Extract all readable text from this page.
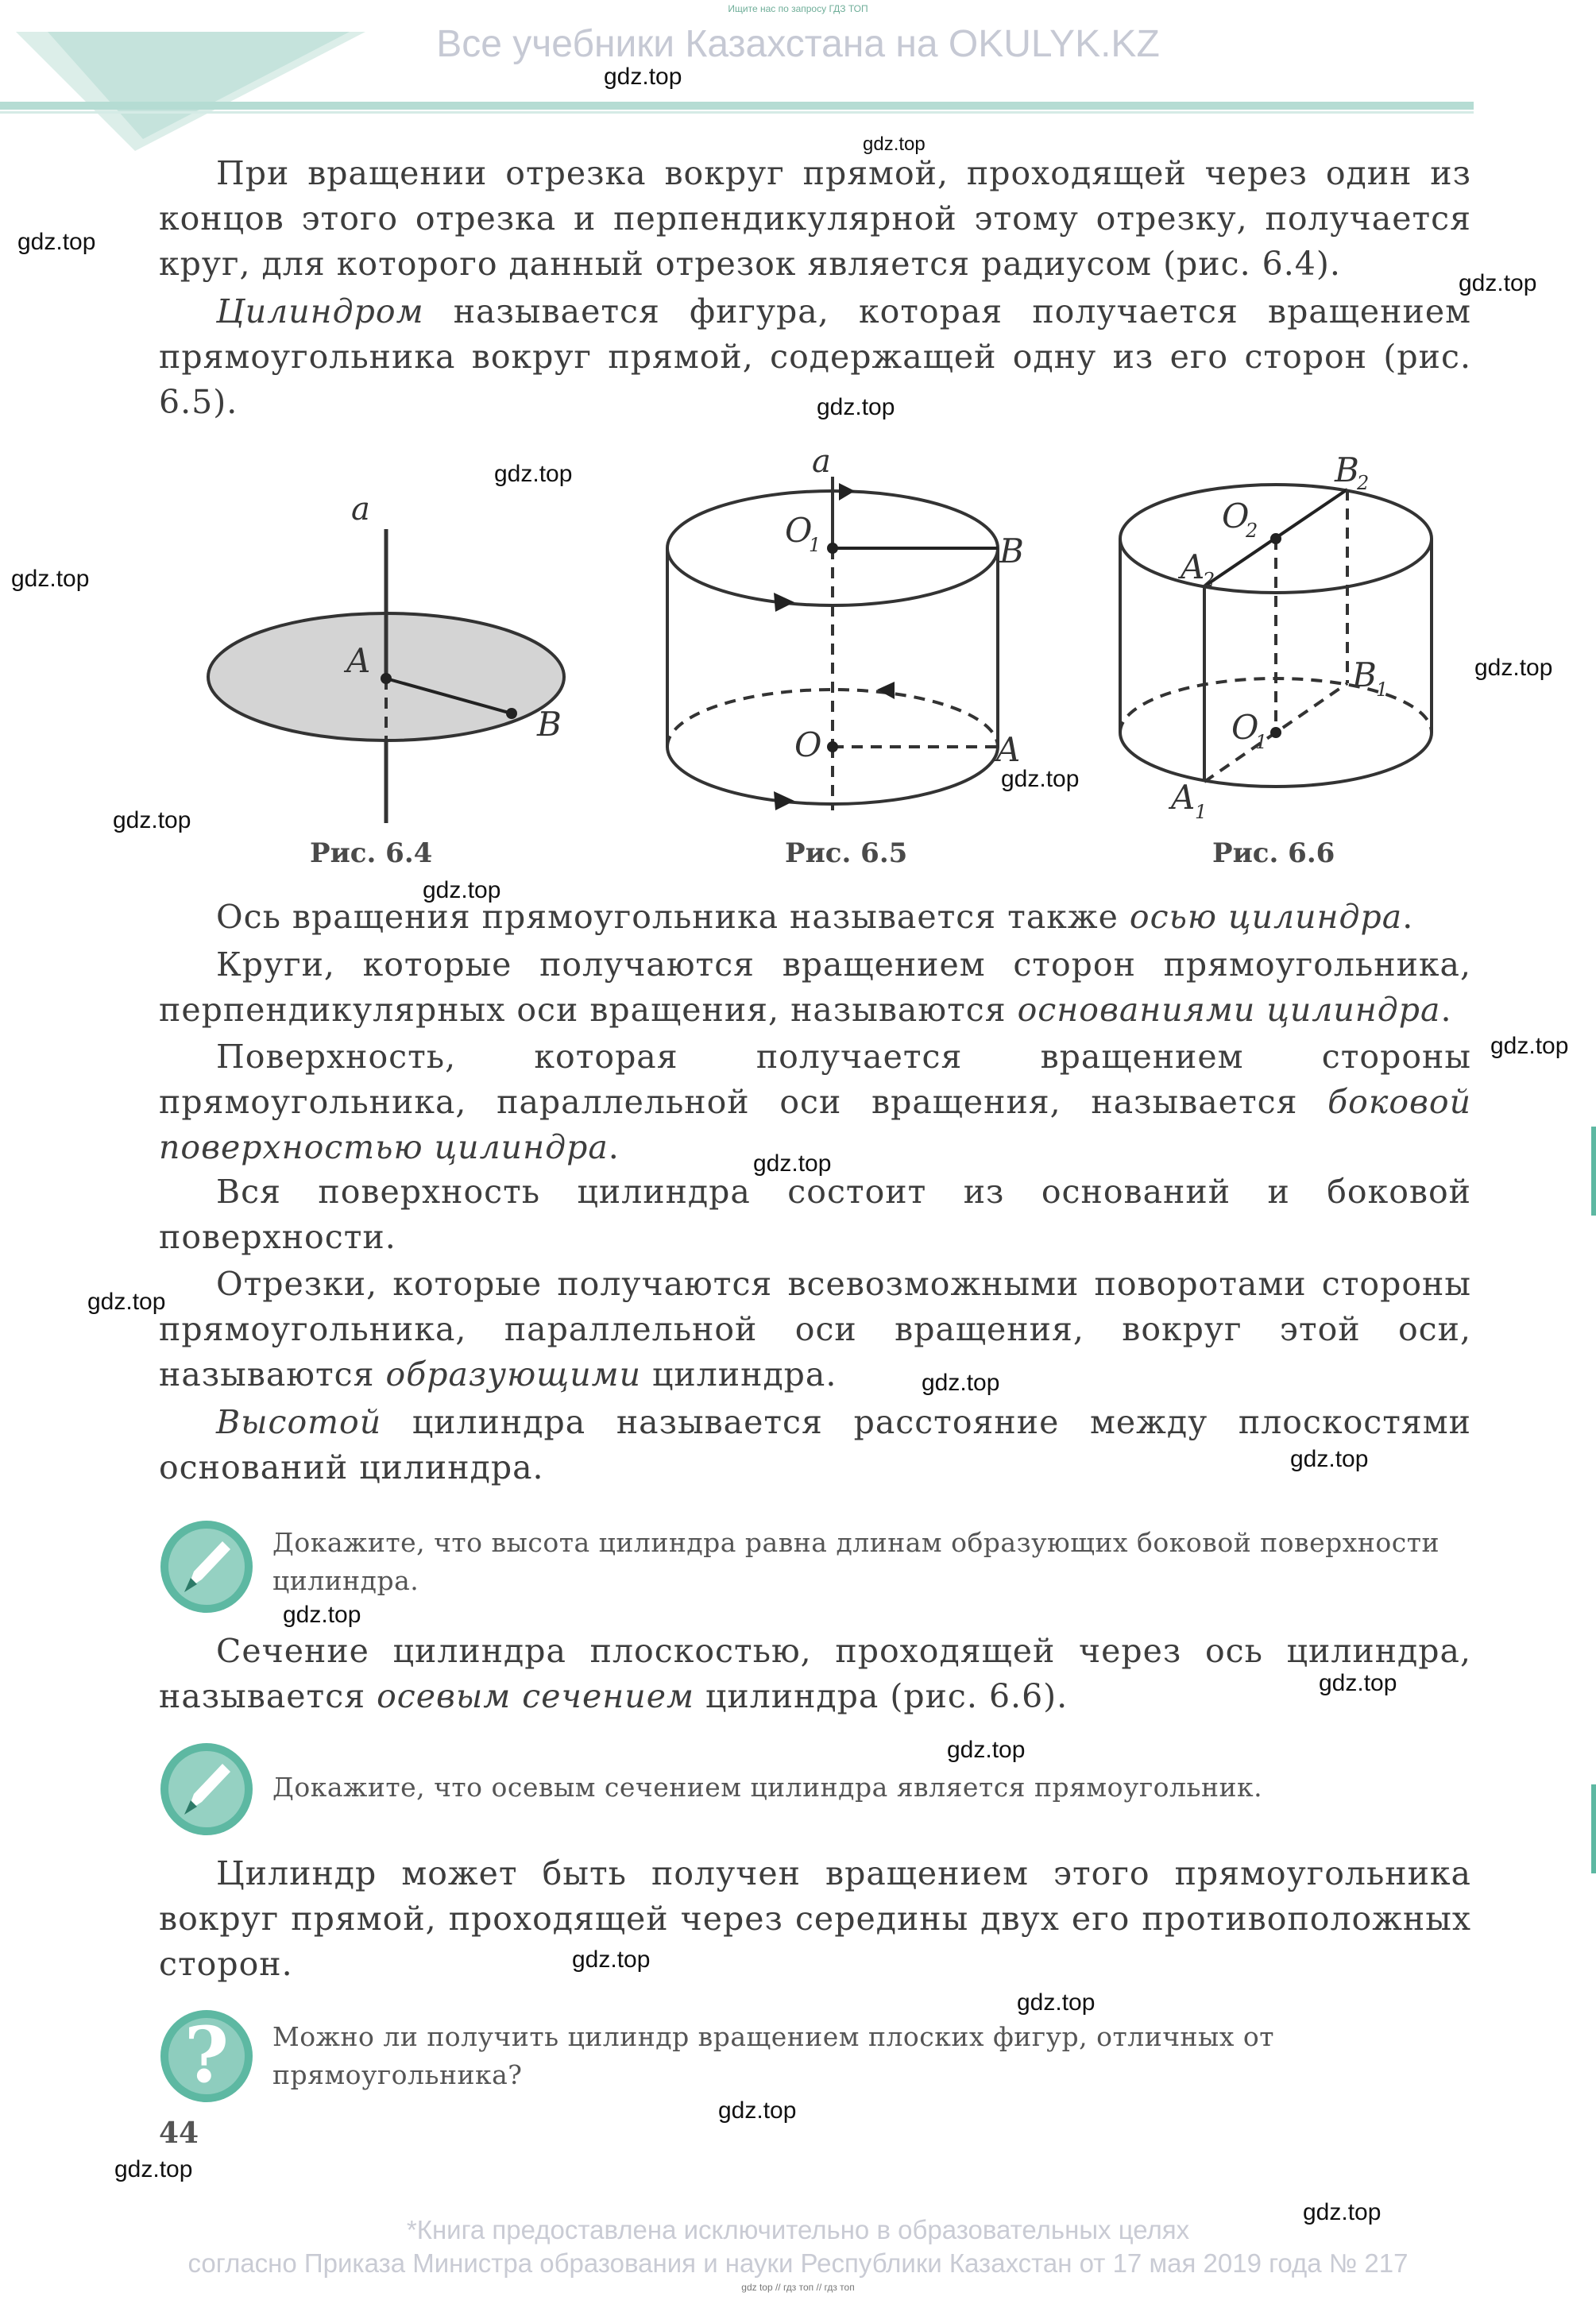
Ищите нас по запросу ГДЗ ТОП
Все учебники Казахстана на OKULYK.KZ
gdz.top
gdz.top
gdz.top
gdz.top
gdz.top
gdz.top
gdz.top
gdz.top
gdz.top
gdz.top
gdz.top
gdz.top
gdz.top
gdz.top
gdz.top
gdz.top
gdz.top
gdz.top
gdz.top
gdz.top
gdz.top
gdz.top
gdz.top
gdz.top
При вращении отрезка вокруг прямой, проходящей через один из концов этого отрезка и перпендикулярной этому отрезку, получается круг, для которого данный отрезок является радиусом (рис. 6.4).
Цилиндром называется фигура, которая получается вращением прямоугольника вокруг прямой, содержащей одну из его сторон (рис. 6.5).
a
A
B
Рис. 6.4
a
O
1	B
O	A
Рис. 6.5
B
2
O
2
A
2
B 1
O
1
A 1
Рис. 6.6
Ось вращения прямоугольника называется также осью цилиндра.
Круги, которые получаются вращением сторон прямоугольника, перпендикулярных оси вращения, называются основаниями цилиндра.
Поверхность, которая получается вращением стороны прямоугольника, параллельной оси вращения, называется боковой поверхностью цилиндра.
Вся поверхность цилиндра состоит из оснований и боковой поверхности.
Отрезки, которые получаются всевозможными поворотами стороны прямоугольника, параллельной оси вращения, вокруг этой оси, называются образующими цилиндра.
Высотой цилиндра называется расстояние между плоскостями оснований цилиндра.
Докажите, что высота цилиндра равна длинам образующих боковой поверхности цилиндра.
Сечение цилиндра плоскостью, проходящей через ось цилиндра, называется осевым сечением цилиндра (рис. 6.6).
Докажите, что осевым сечением цилиндра является прямоугольник.
Цилиндр может быть получен вращением этого прямоугольника вокруг прямой, проходящей через середины двух его противоположных сторон.
? Можно ли получить цилиндр вращением плоских фигур, отличных от прямоугольника?
44
*Книга предоставлена исключительно в образовательных целях
согласно Приказа Министра образования и науки Республики Казахстан от 17 мая 2019 года № 217
gdz top // гдз топ // гдз топ
